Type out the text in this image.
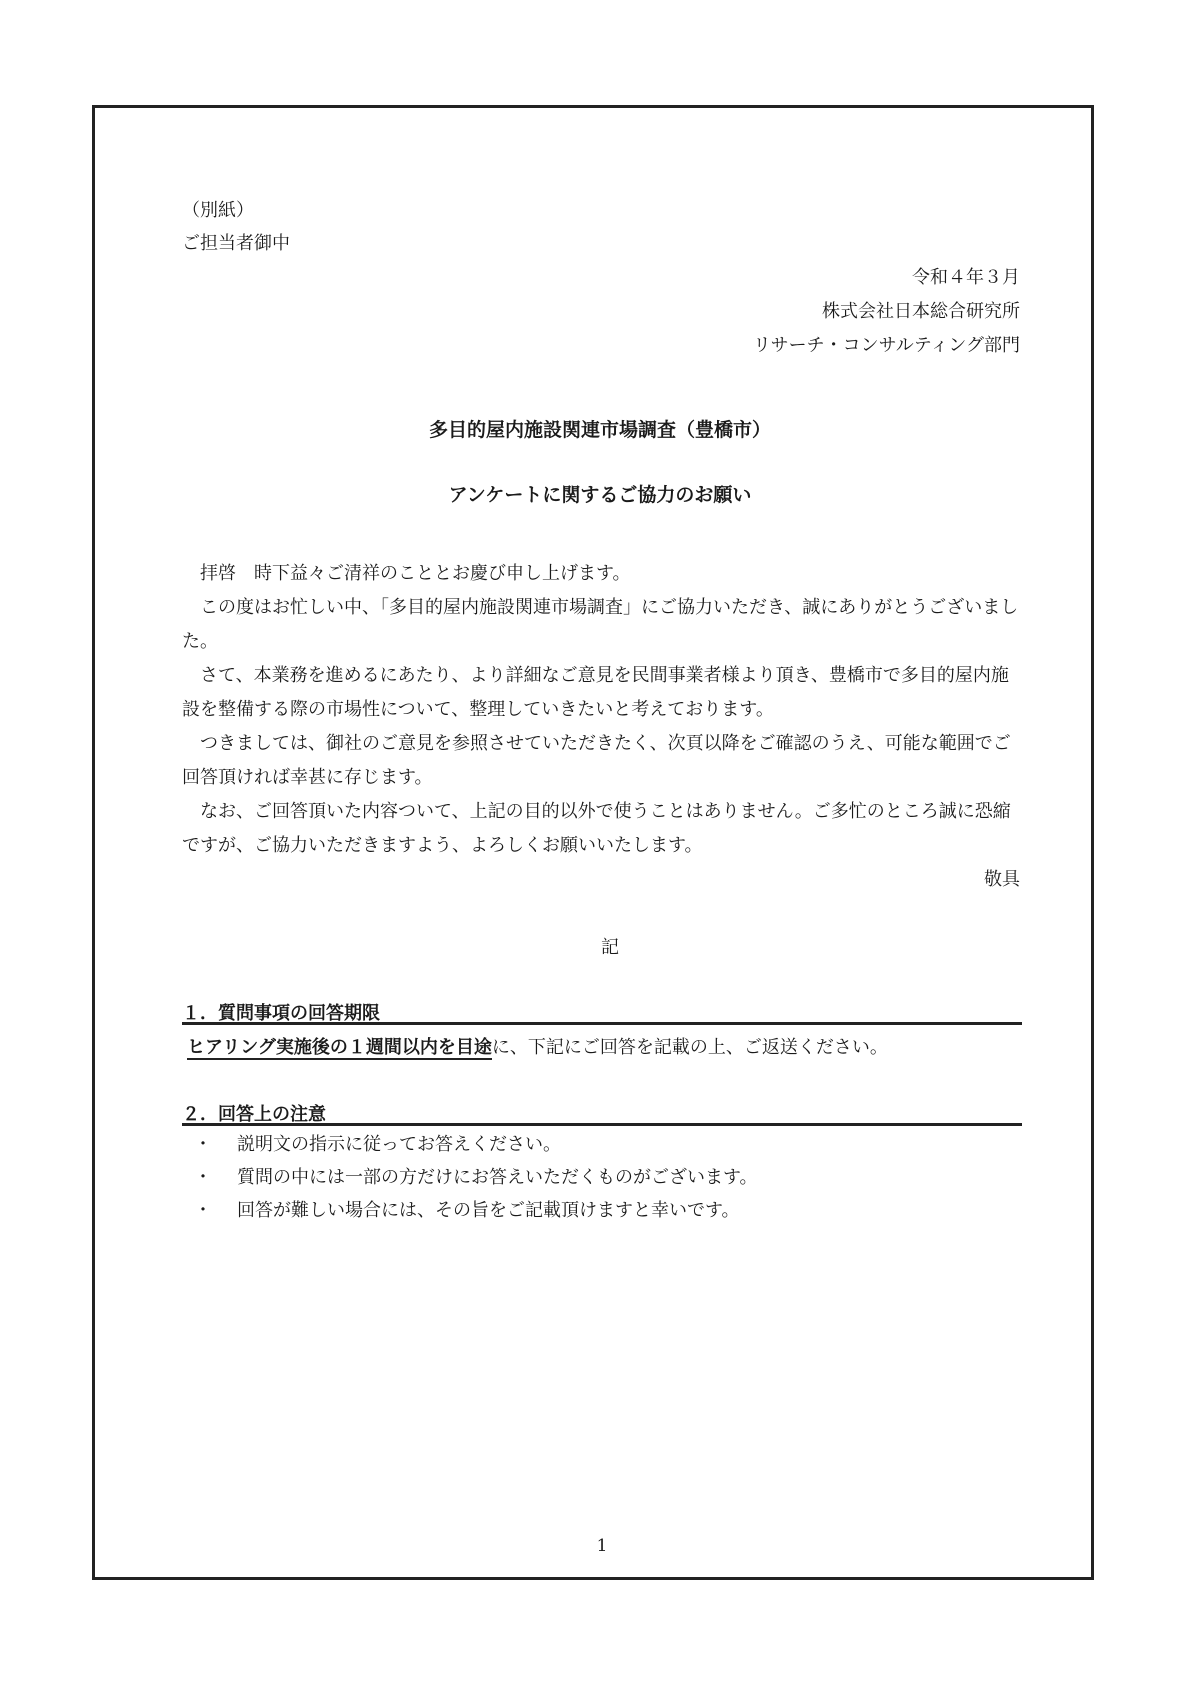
（別紙）
ご担当者御中
令和４年３月
株式会社日本総合研究所
リサーチ・コンサルティング部門
多目的屋内施設関連市場調査（豊橋市）
アンケートに関するご協力のお願い

拝啓　時下益々ご清祥のこととお慶び申し上げます。

この度はお忙しい中、「多目的屋内施設関連市場調査」にご協力いただき、誠にありがとうございました。

さて、本業務を進めるにあたり、より詳細なご意見を民間事業者様より頂き、豊橋市で多目的屋内施設を整備する際の市場性について、整理していきたいと考えております。

つきましては、御社のご意見を参照させていただきたく、次頁以降をご確認のうえ、可能な範囲でご回答頂ければ幸甚に存じます。

なお、ご回答頂いた内容ついて、上記の目的以外で使うことはありません。ご多忙のところ誠に恐縮ですが、ご協力いただきますよう、よろしくお願いいたします。

敬具
記
１．質問事項の回答期限
ヒアリング実施後の１週間以内を目途に、下記にご回答を記載の上、ご返送ください。
２．回答上の注意
・ 説明文の指示に従ってお答えください。
・ 質問の中には一部の方だけにお答えいただくものがございます。
・ 回答が難しい場合には、その旨をご記載頂けますと幸いです。
1
